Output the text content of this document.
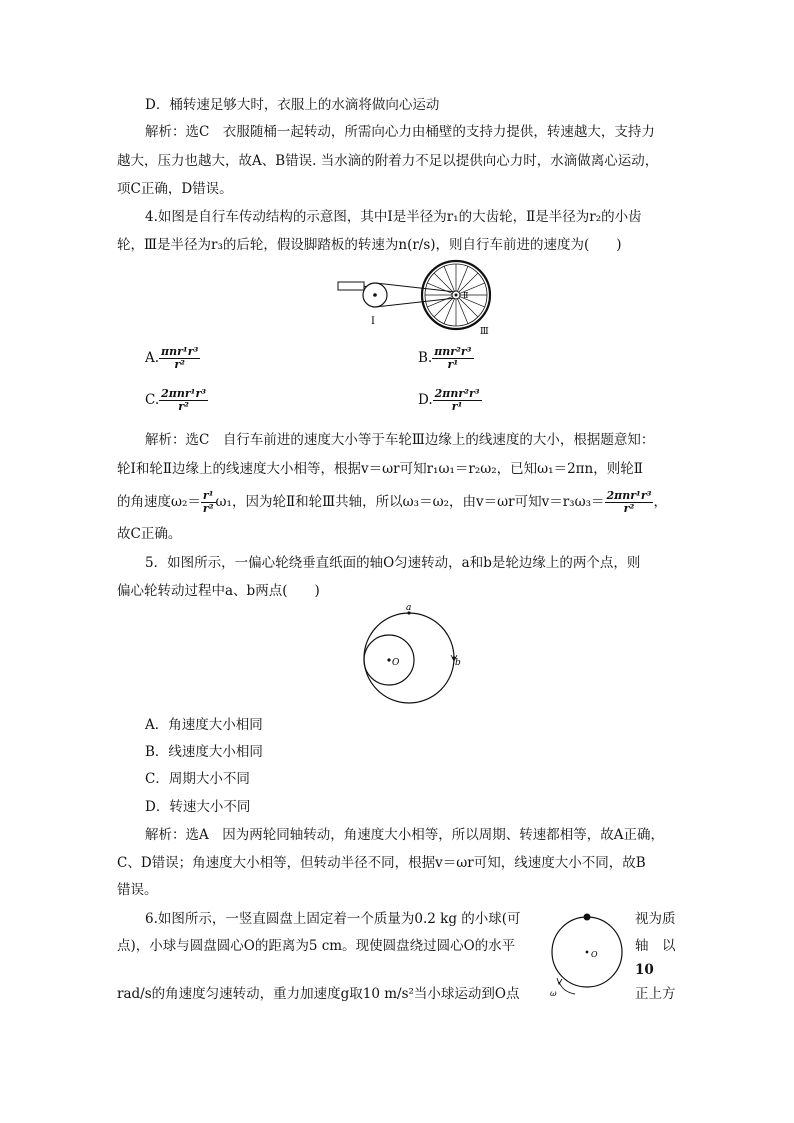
D．桶转速足够大时，衣服上的水滴将做向心运动
解析：选C　衣服随桶一起转动，所需向心力由桶壁的支持力提供，转速越大，支持力
越大，压力也越大，故A、B错误. 当水滴的附着力不足以提供向心力时，水滴做离心运动，
项C正确，D错误。
4.如图是自行车传动结构的示意图，其中Ⅰ是半径为r₁的大齿轮，Ⅱ是半径为r₂的小齿
轮，Ⅲ是半径为r₃的后轮，假设脚踏板的转速为n(r/s)，则自行车前进的速度为(　　)
Ⅰ
Ⅱ
Ⅲ
A. $\frac{\text{πnr¹r³}}{\text{r²}}$	B. $\frac{\text{πnr²r³}}{\text{r¹}}$
C. $\frac{\text{2πnr¹r³}}{\text{r²}}$	D. $\frac{\text{2πnr²r³}}{\text{r¹}}$
解析：选C　自行车前进的速度大小等于车轮Ⅲ边缘上的线速度的大小，根据题意知：
轮Ⅰ和轮Ⅱ边缘上的线速度大小相等，根据v＝ωr可知r₁ω₁＝r₂ω₂，已知ω₁＝2πn，则轮Ⅱ
的角速度$\omega_2= \frac{\text{r¹}}{\text{r²}} \omega_1$，因为轮Ⅱ和轮Ⅲ共轴，所以ω₃＝ω₂，由v＝ωr可知$v=r_3\omega_3= \frac{\text{2πnr¹r³}}{\text{r²}}$ ，
故C正确。
5．如图所示，一偏心轮绕垂直纸面的轴O匀速转动，a和b是轮边缘上的两个点，则
偏心轮转动过程中a、b两点(　　)
O
a
b
A．角速度大小相同
B．线速度大小相同
C．周期大小不同
D．转速大小不同
解析：选A　因为两轮同轴转动，角速度大小相等，所以周期、转速都相等，故A正确，
C、D错误；角速度大小相等，但转动半径不同，根据v＝ωr可知，线速度大小不同，故B
错误。
6.如图所示，一竖直圆盘上固定着一个质量为0.2 kg 的小球(可	视为质
点)，小球与圆盘圆心O的距离为5 cm。现使圆盘绕过圆心O的水平	轴　以
10
rad/s的角速度匀速转动，重力加速度g取10 m/s²当小球运动到O点	正上方
O
ω
